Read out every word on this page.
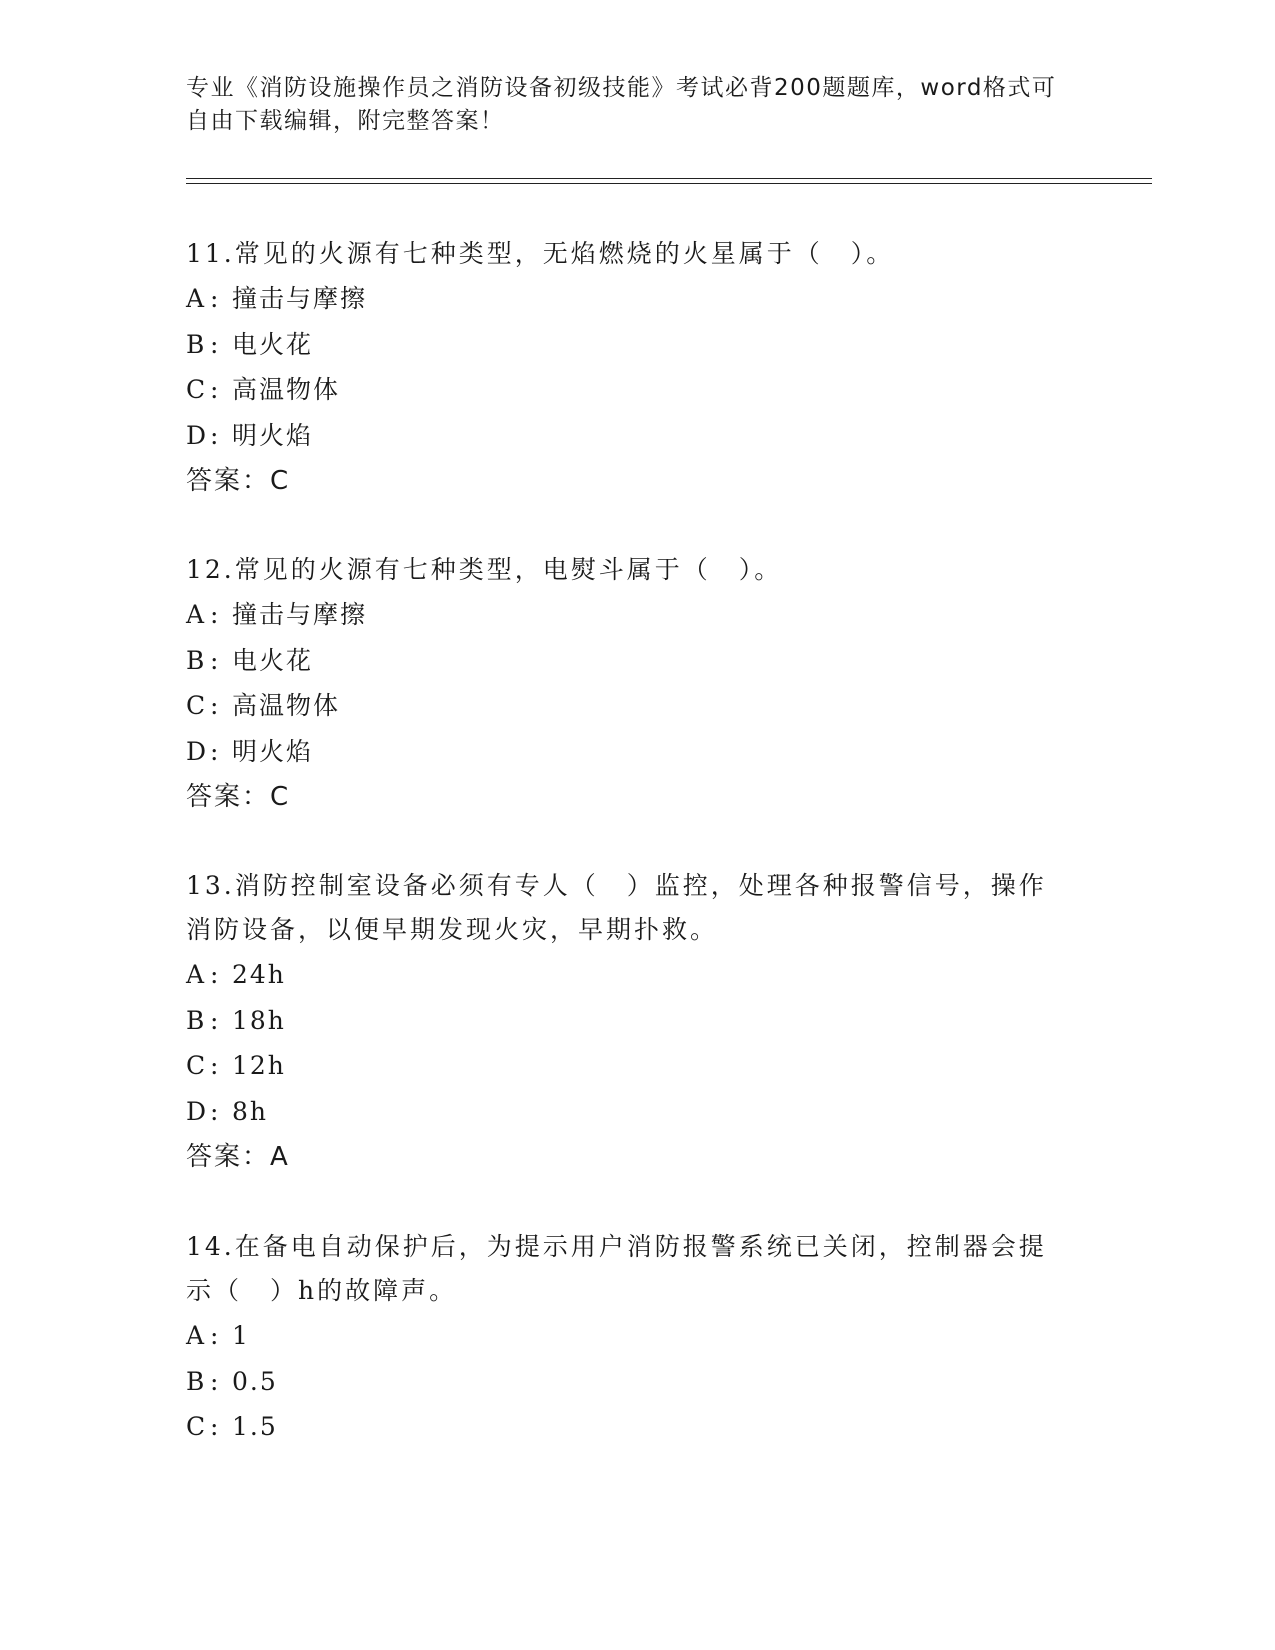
专业《消防设施操作员之消防设备初级技能》考试必背200题题库，word格式可
自由下载编辑，附完整答案！

11.常见的火源有七种类型，无焰燃烧的火星属于（　）。

A : 撞击与摩擦

B : 电火花

C : 高温物体

D: 明火焰

答案：C

12.常见的火源有七种类型，电熨斗属于（　）。

A : 撞击与摩擦

B : 电火花

C : 高温物体

D: 明火焰

答案：C

13.消防控制室设备必须有专人（　）监控，处理各种报警信号，操作

消防设备，以便早期发现火灾，早期扑救。

A : 24h

B : 18h

C : 12h

D: 8h

答案：A

14.在备电自动保护后，为提示用户消防报警系统已关闭，控制器会提

示（　）h的故障声。

A : 1

B : 0.5

C : 1.5
